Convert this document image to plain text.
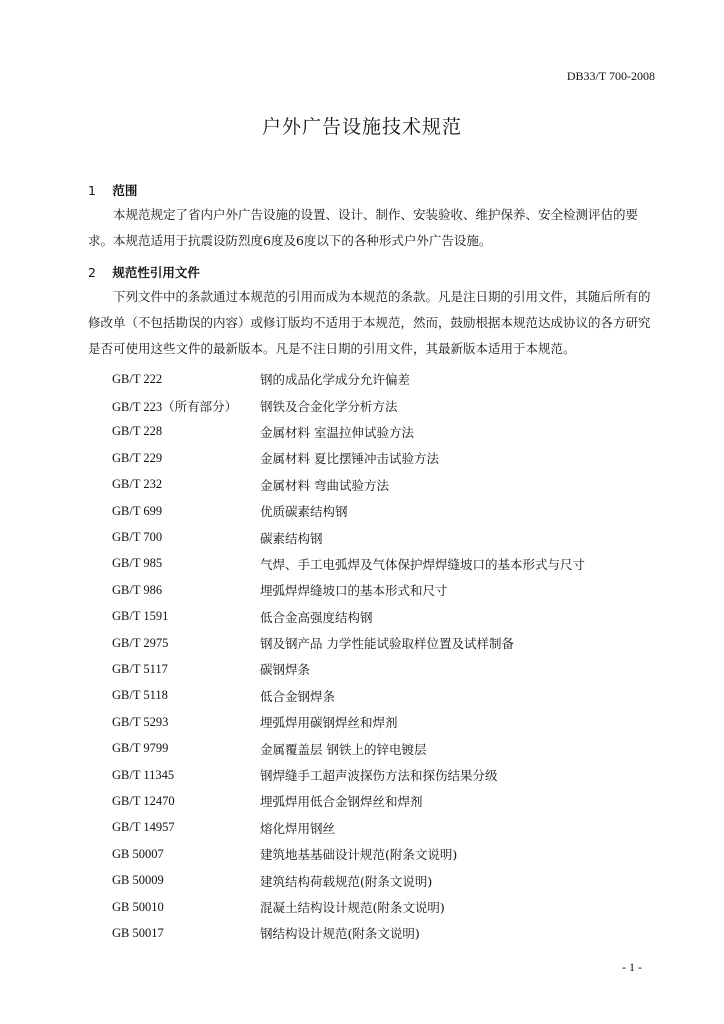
DB33/T 700-2008
户外广告设施技术规范
1 范围
本规范规定了省内户外广告设施的设置、设计、制作、安装验收、维护保养、安全检测评估的要求。 本规范适用于抗震设防烈度6度及6度以下的各种形式户外广告设施。
2 规范性引用文件
下列文件中的条款通过本规范的引用而成为本规范的条款。凡是注日期的引用文件，其随后所有的修改单（不包括勘误的内容）或修订版均不适用于本规范，然而，鼓励根据本规范达成协议的各方研究是否可使用这些文件的最新版本。凡是不注日期的引用文件，其最新版本适用于本规范。
GB/T 222	钢的成品化学成分允许偏差
GB/T 223（所有部分）	钢铁及合金化学分析方法
GB/T 228	金属材料 室温拉伸试验方法
GB/T 229	金属材料 夏比摆锤冲击试验方法
GB/T 232	金属材料 弯曲试验方法
GB/T 699	优质碳素结构钢
GB/T 700	碳素结构钢
GB/T 985	气焊、手工电弧焊及气体保护焊焊缝坡口的基本形式与尺寸
GB/T 986	埋弧焊焊缝坡口的基本形式和尺寸
GB/T 1591	低合金高强度结构钢
GB/T 2975	钢及钢产品 力学性能试验取样位置及试样制备
GB/T 5117	碳钢焊条
GB/T 5118	低合金钢焊条
GB/T 5293	埋弧焊用碳钢焊丝和焊剂
GB/T 9799	金属覆盖层 钢铁上的锌电镀层
GB/T 11345	钢焊缝手工超声波探伤方法和探伤结果分级
GB/T 12470	埋弧焊用低合金钢焊丝和焊剂
GB/T 14957	熔化焊用钢丝
GB 50007	建筑地基基础设计规范(附条文说明)
GB 50009	建筑结构荷载规范(附条文说明)
GB 50010	混凝土结构设计规范(附条文说明)
GB 50017	钢结构设计规范(附条文说明)
- 1 -
